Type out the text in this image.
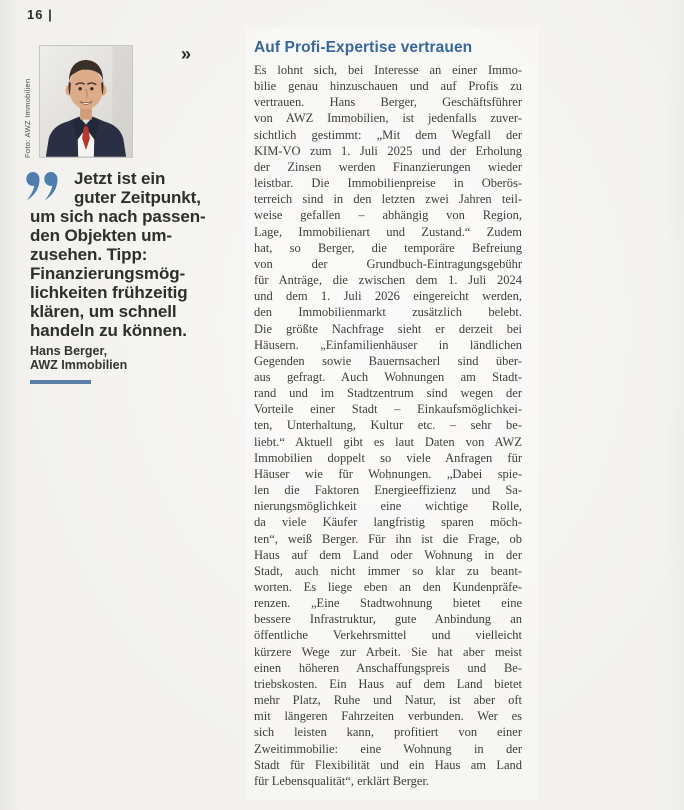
16 |
Foto: AWZ Immobilien
»
Jetzt ist ein
guter Zeitpunkt,
um sich nach passen-
den Objekten um-
zusehen. Tipp:
Finanzierungsmög-
lichkeiten frühzeitig
klären, um schnell
handeln zu können.
Hans Berger,
AWZ Immobilien
Auf Profi-Expertise vertrauen
Es lohnt sich, bei Interesse an einer Immo-
bilie genau hinzuschauen und auf Profis zu
vertrauen. Hans Berger, Geschäftsführer
von AWZ Immobilien, ist jedenfalls zuver-
sichtlich gestimmt: „Mit dem Wegfall der
KIM-VO zum 1. Juli 2025 und der Erholung
der Zinsen werden Finanzierungen wieder
leistbar. Die Immobilienpreise in Oberös-
terreich sind in den letzten zwei Jahren teil-
weise gefallen – abhängig von Region,
Lage, Immobilienart und Zustand.“ Zudem
hat, so Berger, die temporäre Befreiung
von der Grundbuch-Eintragungsgebühr
für Anträge, die zwischen dem 1. Juli 2024
und dem 1. Juli 2026 eingereicht werden,
den Immobilienmarkt zusätzlich belebt.
Die größte Nachfrage sieht er derzeit bei
Häusern. „Einfamilienhäuser in ländlichen
Gegenden sowie Bauernsacherl sind über-
aus gefragt. Auch Wohnungen am Stadt-
rand und im Stadtzentrum sind wegen der
Vorteile einer Stadt – Einkaufsmöglichkei-
ten, Unterhaltung, Kultur etc. – sehr be-
liebt.“ Aktuell gibt es laut Daten von AWZ
Immobilien doppelt so viele Anfragen für
Häuser wie für Wohnungen. „Dabei spie-
len die Faktoren Energieeffizienz und Sa-
nierungsmöglichkeit eine wichtige Rolle,
da viele Käufer langfristig sparen möch-
ten“, weiß Berger. Für ihn ist die Frage, ob
Haus auf dem Land oder Wohnung in der
Stadt, auch nicht immer so klar zu beant-
worten. Es liege eben an den Kundenpräfe-
renzen. „Eine Stadtwohnung bietet eine
bessere Infrastruktur, gute Anbindung an
öffentliche Verkehrsmittel und vielleicht
kürzere Wege zur Arbeit. Sie hat aber meist
einen höheren Anschaffungspreis und Be-
triebskosten. Ein Haus auf dem Land bietet
mehr Platz, Ruhe und Natur, ist aber oft
mit längeren Fahrzeiten verbunden. Wer es
sich leisten kann, profitiert von einer
Zweitimmobilie: eine Wohnung in der
Stadt für Flexibilität und ein Haus am Land
für Lebensqualität“, erklärt Berger.
